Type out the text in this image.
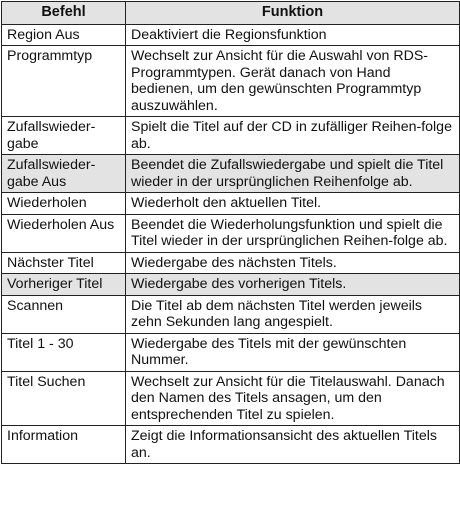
Befehl	Funktion
Region Aus	Deaktiviert die Regionsfunktion
Programmtyp	Wechselt zur Ansicht für die Auswahl von RDS-Programmtypen. Gerät danach von Hand bedienen, um den gewünschten Programmtyp auszuwählen.
Zufallswieder-gabe	Spielt die Titel auf der CD in zufälliger Reihen-folge ab.
Zufallswieder-gabe Aus	Beendet die Zufallswiedergabe und spielt die Titel wieder in der ursprünglichen Reihenfolge ab.
Wiederholen	Wiederholt den aktuellen Titel.
Wiederholen Aus	Beendet die Wiederholungsfunktion und spielt die Titel wieder in der ursprünglichen Reihen-folge ab.
Nächster Titel	Wiedergabe des nächsten Titels.
Vorheriger Titel	Wiedergabe des vorherigen Titels.
Scannen	Die Titel ab dem nächsten Titel werden jeweils zehn Sekunden lang angespielt.
Titel 1 - 30	Wiedergabe des Titels mit der gewünschten Nummer.
Titel Suchen	Wechselt zur Ansicht für die Titelauswahl. Danach den Namen des Titels ansagen, um den entsprechenden Titel zu spielen.
Information	Zeigt die Informationsansicht des aktuellen Titels an.
